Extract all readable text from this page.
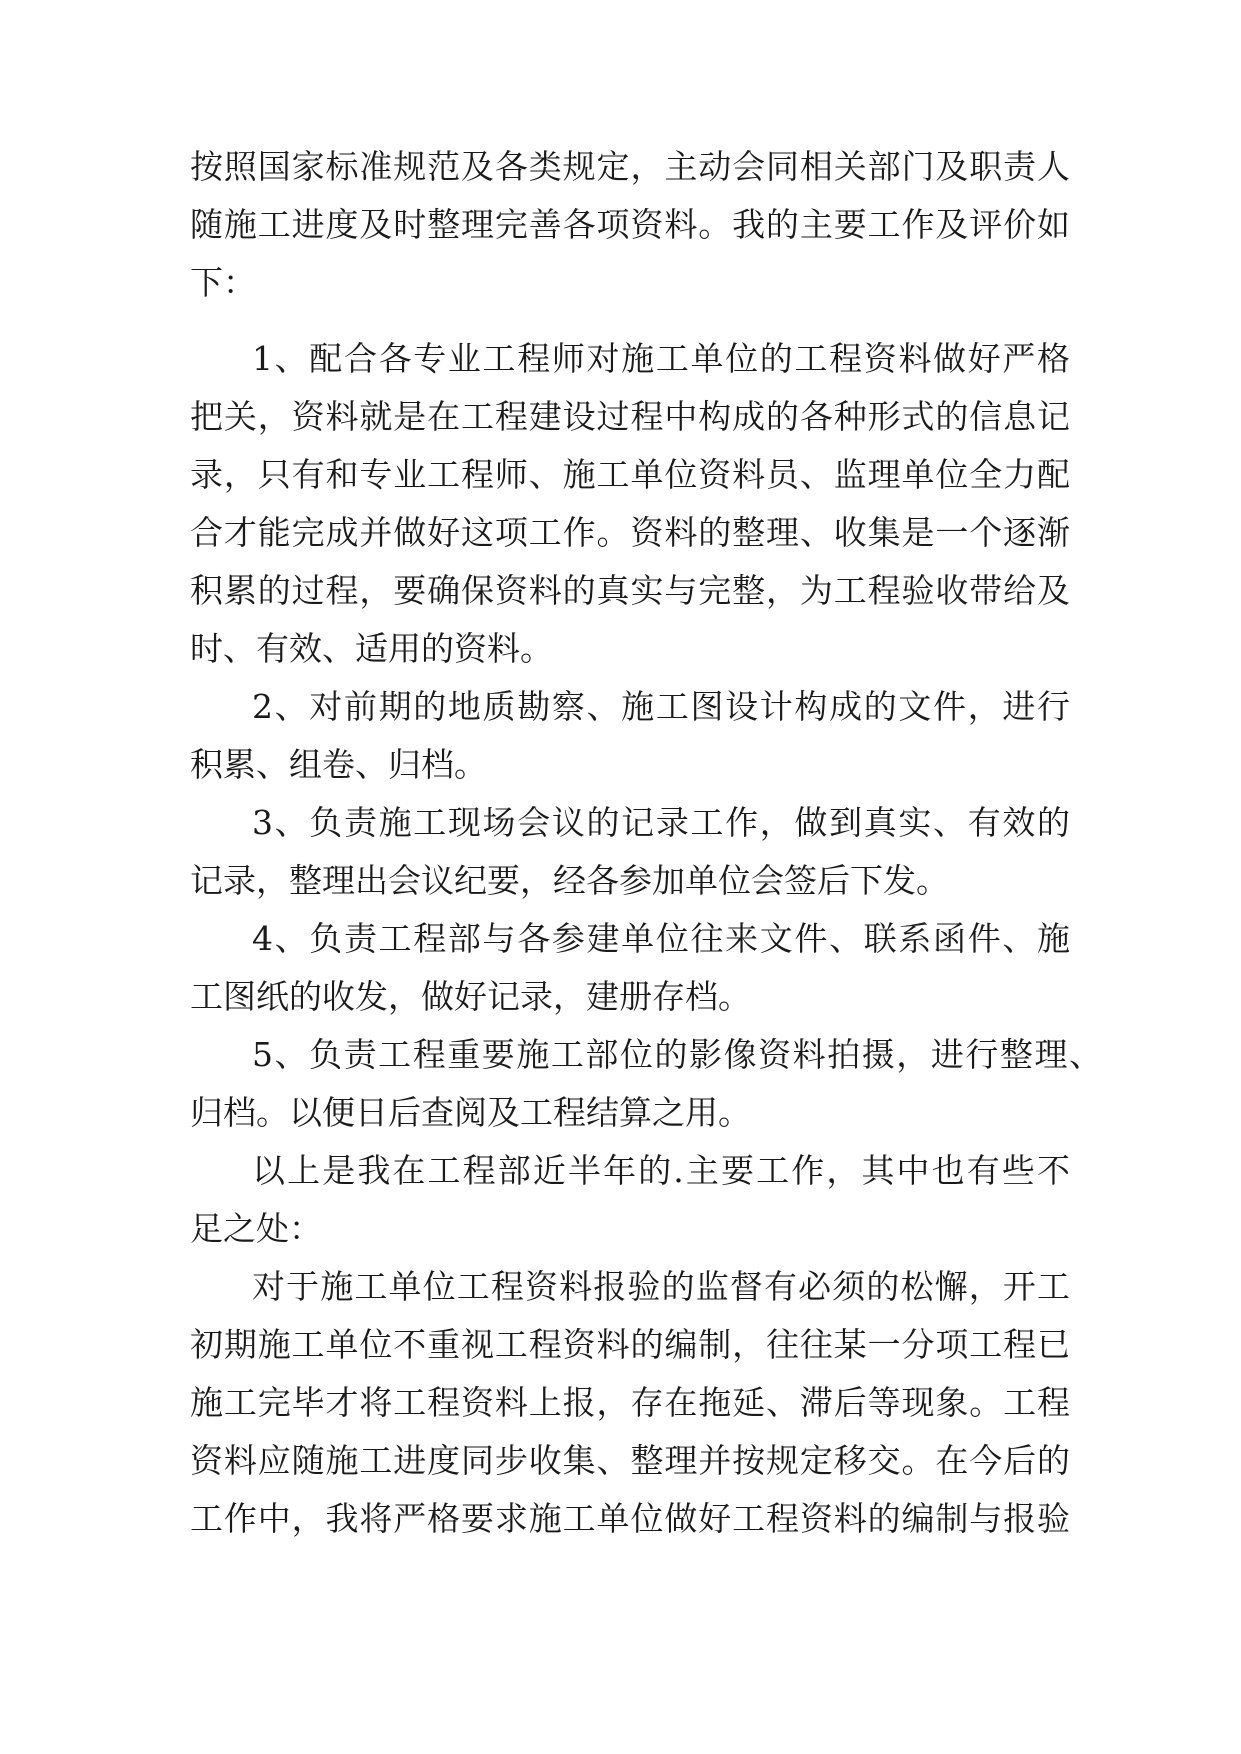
按照国家标准规范及各类规定，主动会同相关部门及职责人
随施工进度及时整理完善各项资料。我的主要工作及评价如
下：
1、配合各专业工程师对施工单位的工程资料做好严格
把关，资料就是在工程建设过程中构成的各种形式的信息记
录，只有和专业工程师、施工单位资料员、监理单位全力配
合才能完成并做好这项工作。资料的整理、收集是一个逐渐
积累的过程，要确保资料的真实与完整，为工程验收带给及
时、有效、适用的资料。
2、对前期的地质勘察、施工图设计构成的文件，进行
积累、组卷、归档。
3、负责施工现场会议的记录工作，做到真实、有效的
记录，整理出会议纪要，经各参加单位会签后下发。
4、负责工程部与各参建单位往来文件、联系函件、施
工图纸的收发，做好记录，建册存档。
5、负责工程重要施工部位的影像资料拍摄，进行整理、
归档。以便日后查阅及工程结算之用。
以上是我在工程部近半年的.主要工作，其中也有些不
足之处：
对于施工单位工程资料报验的监督有必须的松懈，开工
初期施工单位不重视工程资料的编制，往往某一分项工程已
施工完毕才将工程资料上报，存在拖延、滞后等现象。工程
资料应随施工进度同步收集、整理并按规定移交。在今后的
工作中，我将严格要求施工单位做好工程资料的编制与报验
